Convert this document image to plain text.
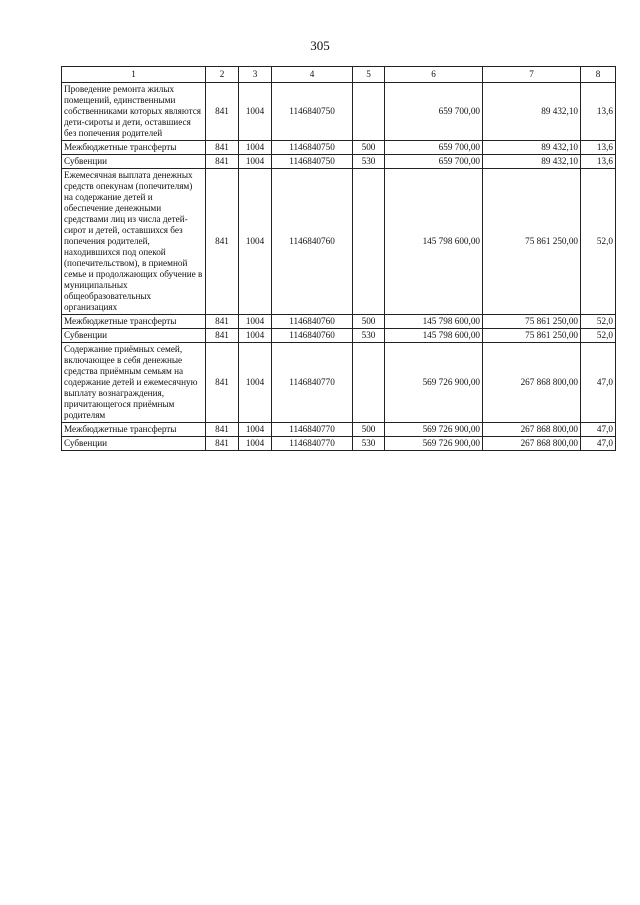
305
1	2	3	4	5	6	7	8
Проведение ремонта жилых помещений, единственными собственниками которых являются дети-сироты и дети, оставшиеся без попечения родителей	841	1004	1146840750		659 700,00	89 432,10	13,6
Межбюджетные трансферты	841	1004	1146840750	500	659 700,00	89 432,10	13,6
Субвенции	841	1004	1146840750	530	659 700,00	89 432,10	13,6
Ежемесячная выплата денежных средств опекунам (попечителям) на содержание детей и обеспечение денежными средствами лиц из числа детей-сирот и детей, оставшихся без попечения родителей, находившихся под опекой (попечительством), в приемной семье и продолжающих обучение в муниципальных общеобразовательных организациях	841	1004	1146840760		145 798 600,00	75 861 250,00	52,0
Межбюджетные трансферты	841	1004	1146840760	500	145 798 600,00	75 861 250,00	52,0
Субвенции	841	1004	1146840760	530	145 798 600,00	75 861 250,00	52,0
Содержание приёмных семей, включающее в себя денежные средства приёмным семьям на содержание детей и ежемесячную выплату вознаграждения, причитающегося приёмным родителям	841	1004	1146840770		569 726 900,00	267 868 800,00	47,0
Межбюджетные трансферты	841	1004	1146840770	500	569 726 900,00	267 868 800,00	47,0
Субвенции	841	1004	1146840770	530	569 726 900,00	267 868 800,00	47,0
